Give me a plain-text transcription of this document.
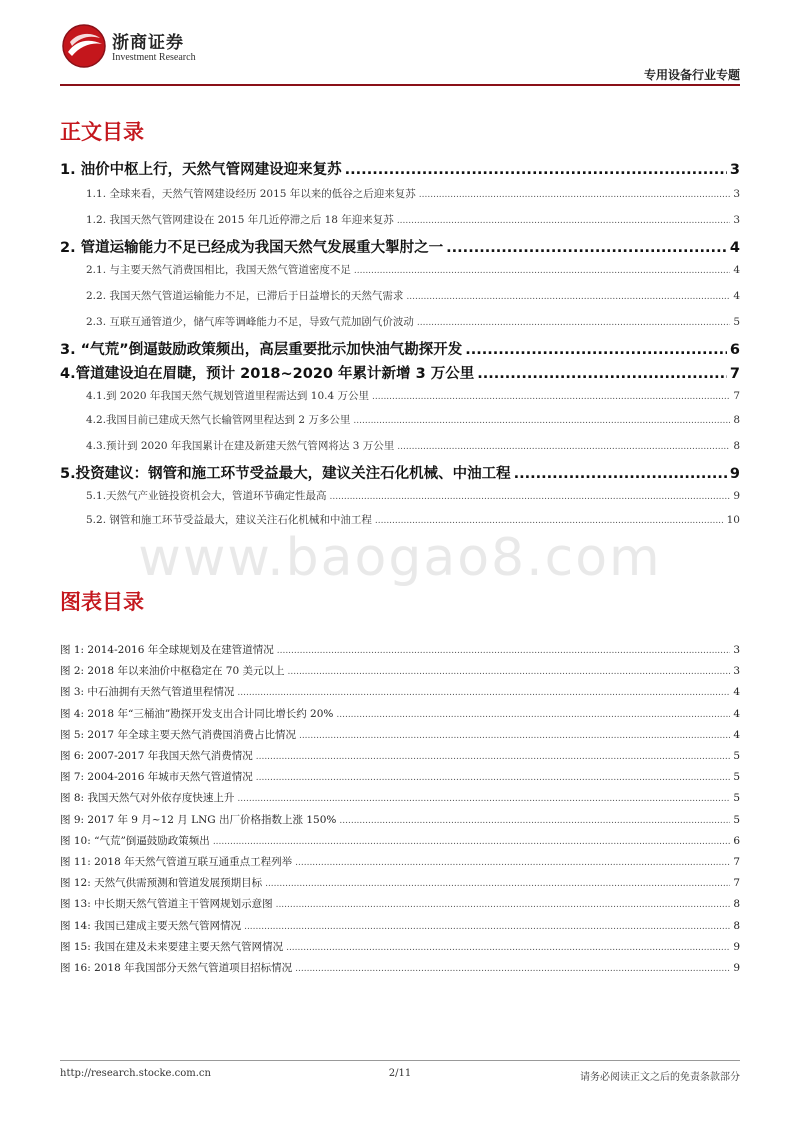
浙商证券
Investment Research
专用设备行业专题
正文目录
1. 油价中枢上行，天然气管网建设迎来复苏 .....	3
1.1. 全球来看，天然气管网建设经历 2015 年以来的低谷之后迎来复苏 .....	3
1.2. 我国天然气管网建设在 2015 年几近停滞之后 18 年迎来复苏 .....	3
2. 管道运输能力不足已经成为我国天然气发展重大掣肘之一 .....	4
2.1. 与主要天然气消费国相比，我国天然气管道密度不足 .....	4
2.2. 我国天然气管道运输能力不足，已滞后于日益增长的天然气需求 .....	4
2.3. 互联互通管道少，储气库等调峰能力不足，导致气荒加剧气价波动 .....	5
3. “气荒”倒逼鼓励政策频出，高层重要批示加快油气勘探开发 .....	6
4.管道建设迫在眉睫，预计 2018~2020 年累计新增 3 万公里 .....	7
4.1.到 2020 年我国天然气规划管道里程需达到 10.4 万公里 .....	7
4.2.我国目前已建成天然气长输管网里程达到 2 万多公里 .....	8
4.3.预计到 2020 年我国累计在建及新建天然气管网将达 3 万公里 .....	8
5.投资建议：钢管和施工环节受益最大，建议关注石化机械、中油工程 .....	9
5.1.天然气产业链投资机会大，管道环节确定性最高 .....	9
5.2. 钢管和施工环节受益最大，建议关注石化机械和中油工程 .....	10
www.baogao8.com
图表目录
图 1: 2014-2016 年全球规划及在建管道情况 .....	3
图 2: 2018 年以来油价中枢稳定在 70 美元以上 .....	3
图 3: 中石油拥有天然气管道里程情况 .....	4
图 4: 2018 年“三桶油”勘探开发支出合计同比增长约 20% .....	4
图 5: 2017 年全球主要天然气消费国消费占比情况 .....	4
图 6: 2007-2017 年我国天然气消费情况 .....	5
图 7: 2004-2016 年城市天然气管道情况 .....	5
图 8: 我国天然气对外依存度快速上升 .....	5
图 9: 2017 年 9 月~12 月 LNG 出厂价格指数上涨 150% .....	5
图 10: “气荒”倒逼鼓励政策频出 .....	6
图 11: 2018 年天然气管道互联互通重点工程列举 .....	7
图 12: 天然气供需预测和管道发展预期目标 .....	7
图 13: 中长期天然气管道主干管网规划示意图 .....	8
图 14: 我国已建成主要天然气管网情况 .....	8
图 15: 我国在建及未来要建主要天然气管网情况 .....	9
图 16: 2018 年我国部分天然气管道项目招标情况 .....	9
http://research.stocke.com.cn	2/11	请务必阅读正文之后的免责条款部分
